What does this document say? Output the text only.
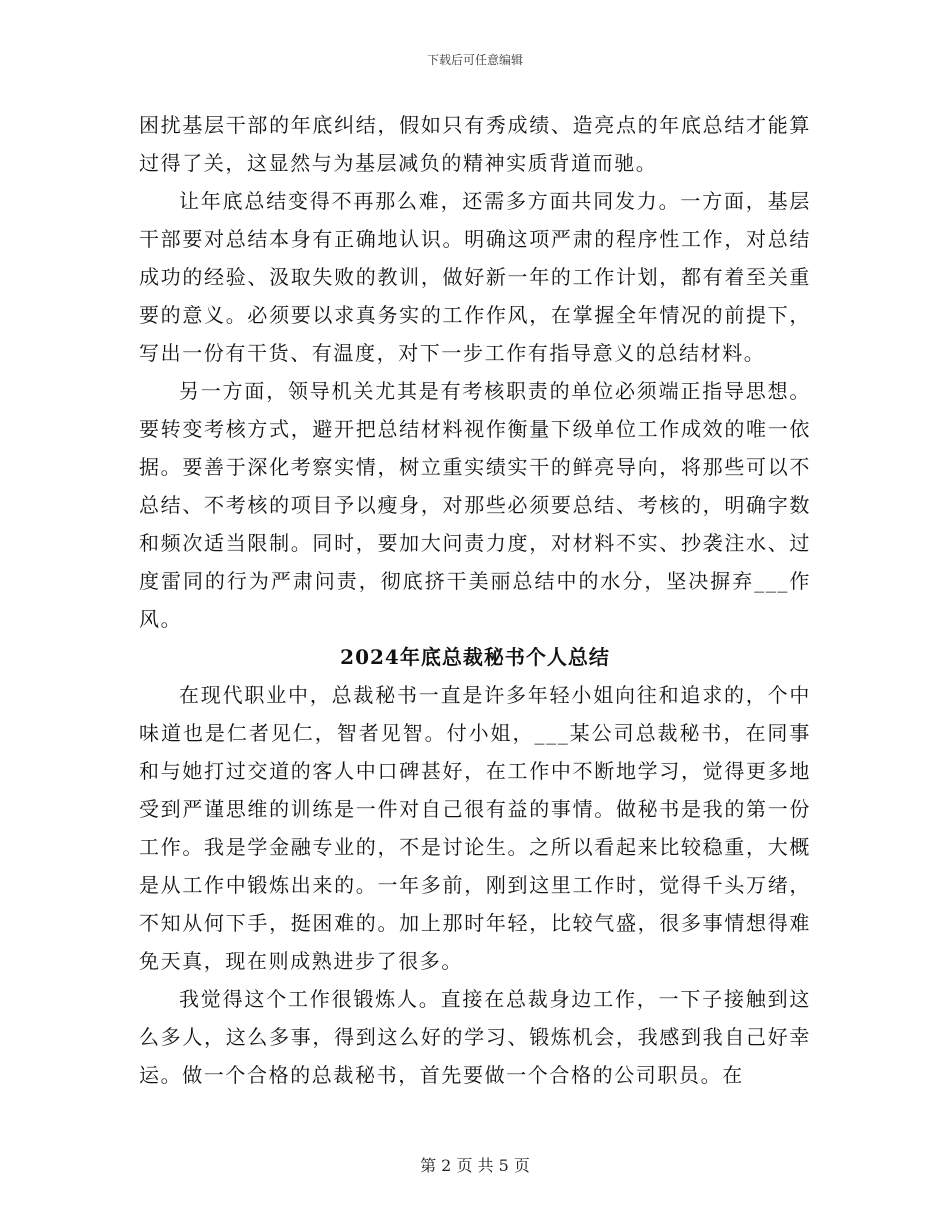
下载后可任意编辑

困扰基层干部的年底纠结，假如只有秀成绩、造亮点的年底总结才能算过得了关，这显然与为基层减负的精神实质背道而驰。

让年底总结变得不再那么难，还需多方面共同发力。一方面，基层干部要对总结本身有正确地认识。明确这项严肃的程序性工作，对总结成功的经验、汲取失败的教训，做好新一年的工作计划，都有着至关重要的意义。必须要以求真务实的工作作风，在掌握全年情况的前提下，写出一份有干货、有温度，对下一步工作有指导意义的总结材料。

另一方面，领导机关尤其是有考核职责的单位必须端正指导思想。要转变考核方式，避开把总结材料视作衡量下级单位工作成效的唯一依据。要善于深化考察实情，树立重实绩实干的鲜亮导向，将那些可以不总结、不考核的项目予以瘦身，对那些必须要总结、考核的，明确字数和频次适当限制。同时，要加大问责力度，对材料不实、抄袭注水、过度雷同的行为严肃问责，彻底挤干美丽总结中的水分，坚决摒弃___作风。

2024年底总裁秘书个人总结

在现代职业中，总裁秘书一直是许多年轻小姐向往和追求的，个中味道也是仁者见仁，智者见智。付小姐，___某公司总裁秘书，在同事和与她打过交道的客人中口碑甚好，在工作中不断地学习，觉得更多地受到严谨思维的训练是一件对自己很有益的事情。做秘书是我的第一份工作。我是学金融专业的，不是讨论生。之所以看起来比较稳重，大概是从工作中锻炼出来的。一年多前，刚到这里工作时，觉得千头万绪，不知从何下手，挺困难的。加上那时年轻，比较气盛，很多事情想得难免天真，现在则成熟进步了很多。

我觉得这个工作很锻炼人。直接在总裁身边工作，一下子接触到这么多人，这么多事，得到这么好的学习、锻炼机会，我感到我自己好幸运。做一个合格的总裁秘书，首先要做一个合格的公司职员。在

第 2 页 共 5 页
